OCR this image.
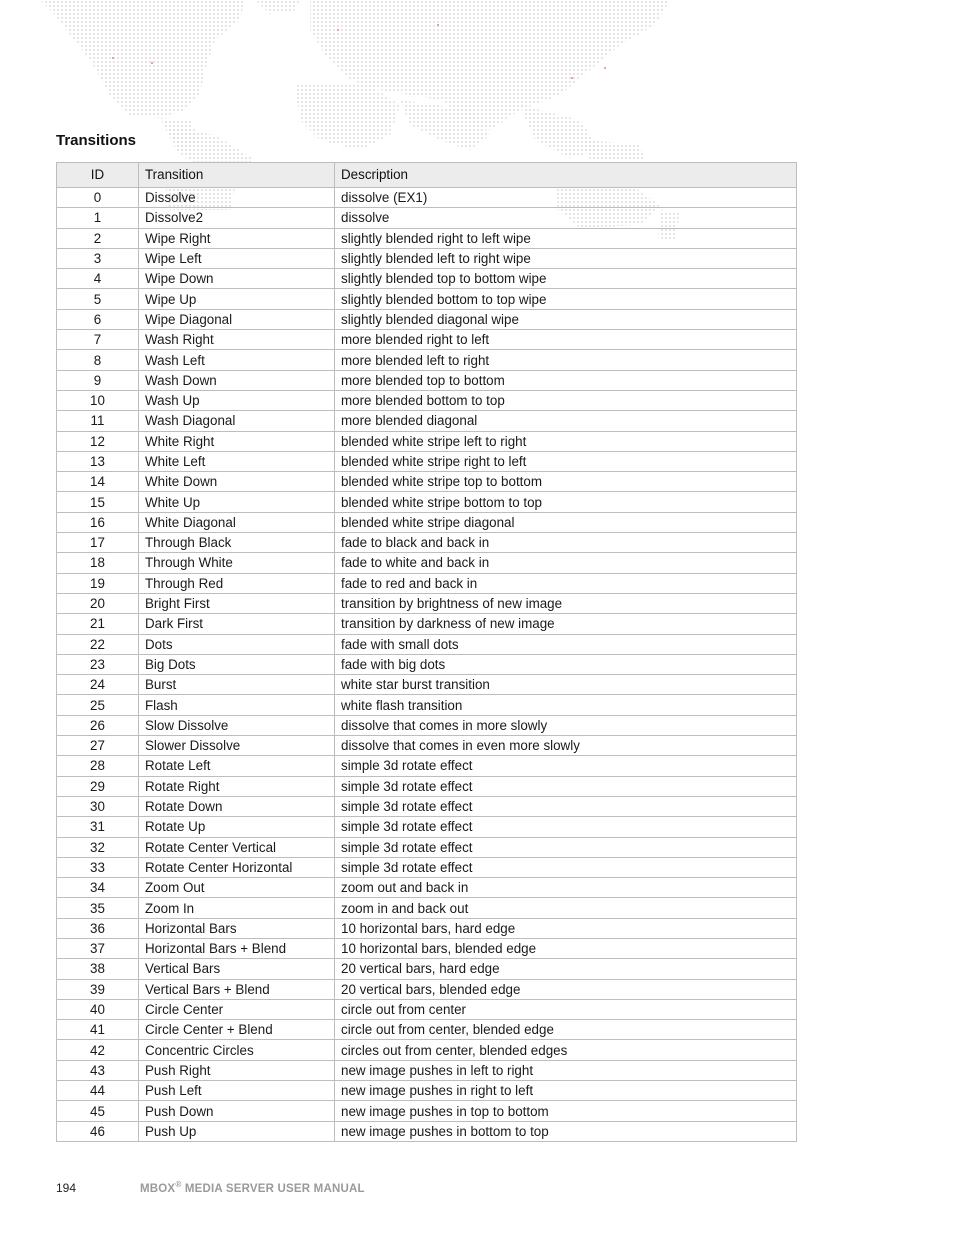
Transitions
ID	Transition	Description
0	Dissolve	dissolve (EX1)
1	Dissolve2	dissolve
2	Wipe Right	slightly blended right to left wipe
3	Wipe Left	slightly blended left to right wipe
4	Wipe Down	slightly blended top to bottom wipe
5	Wipe Up	slightly blended bottom to top wipe
6	Wipe Diagonal	slightly blended diagonal wipe
7	Wash Right	more blended right to left
8	Wash Left	more blended left to right
9	Wash Down	more blended top to bottom
10	Wash Up	more blended bottom to top
11	Wash Diagonal	more blended diagonal
12	White Right	blended white stripe left to right
13	White Left	blended white stripe right to left
14	White Down	blended white stripe top to bottom
15	White Up	blended white stripe bottom to top
16	White Diagonal	blended white stripe diagonal
17	Through Black	fade to black and back in
18	Through White	fade to white and back in
19	Through Red	fade to red and back in
20	Bright First	transition by brightness of new image
21	Dark First	transition by darkness of new image
22	Dots	fade with small dots
23	Big Dots	fade with big dots
24	Burst	white star burst transition
25	Flash	white flash transition
26	Slow Dissolve	dissolve that comes in more slowly
27	Slower Dissolve	dissolve that comes in even more slowly
28	Rotate Left	simple 3d rotate effect
29	Rotate Right	simple 3d rotate effect
30	Rotate Down	simple 3d rotate effect
31	Rotate Up	simple 3d rotate effect
32	Rotate Center Vertical	simple 3d rotate effect
33	Rotate Center Horizontal	simple 3d rotate effect
34	Zoom Out	zoom out and back in
35	Zoom In	zoom in and back out
36	Horizontal Bars	10 horizontal bars, hard edge
37	Horizontal Bars + Blend	10 horizontal bars, blended edge
38	Vertical Bars	20 vertical bars, hard edge
39	Vertical Bars + Blend	20 vertical bars, blended edge
40	Circle Center	circle out from center
41	Circle Center + Blend	circle out from center, blended edge
42	Concentric Circles	circles out from center, blended edges
43	Push Right	new image pushes in left to right
44	Push Left	new image pushes in right to left
45	Push Down	new image pushes in top to bottom
46	Push Up	new image pushes in bottom to top
194	MBOX® MEDIA SERVER USER MANUAL
